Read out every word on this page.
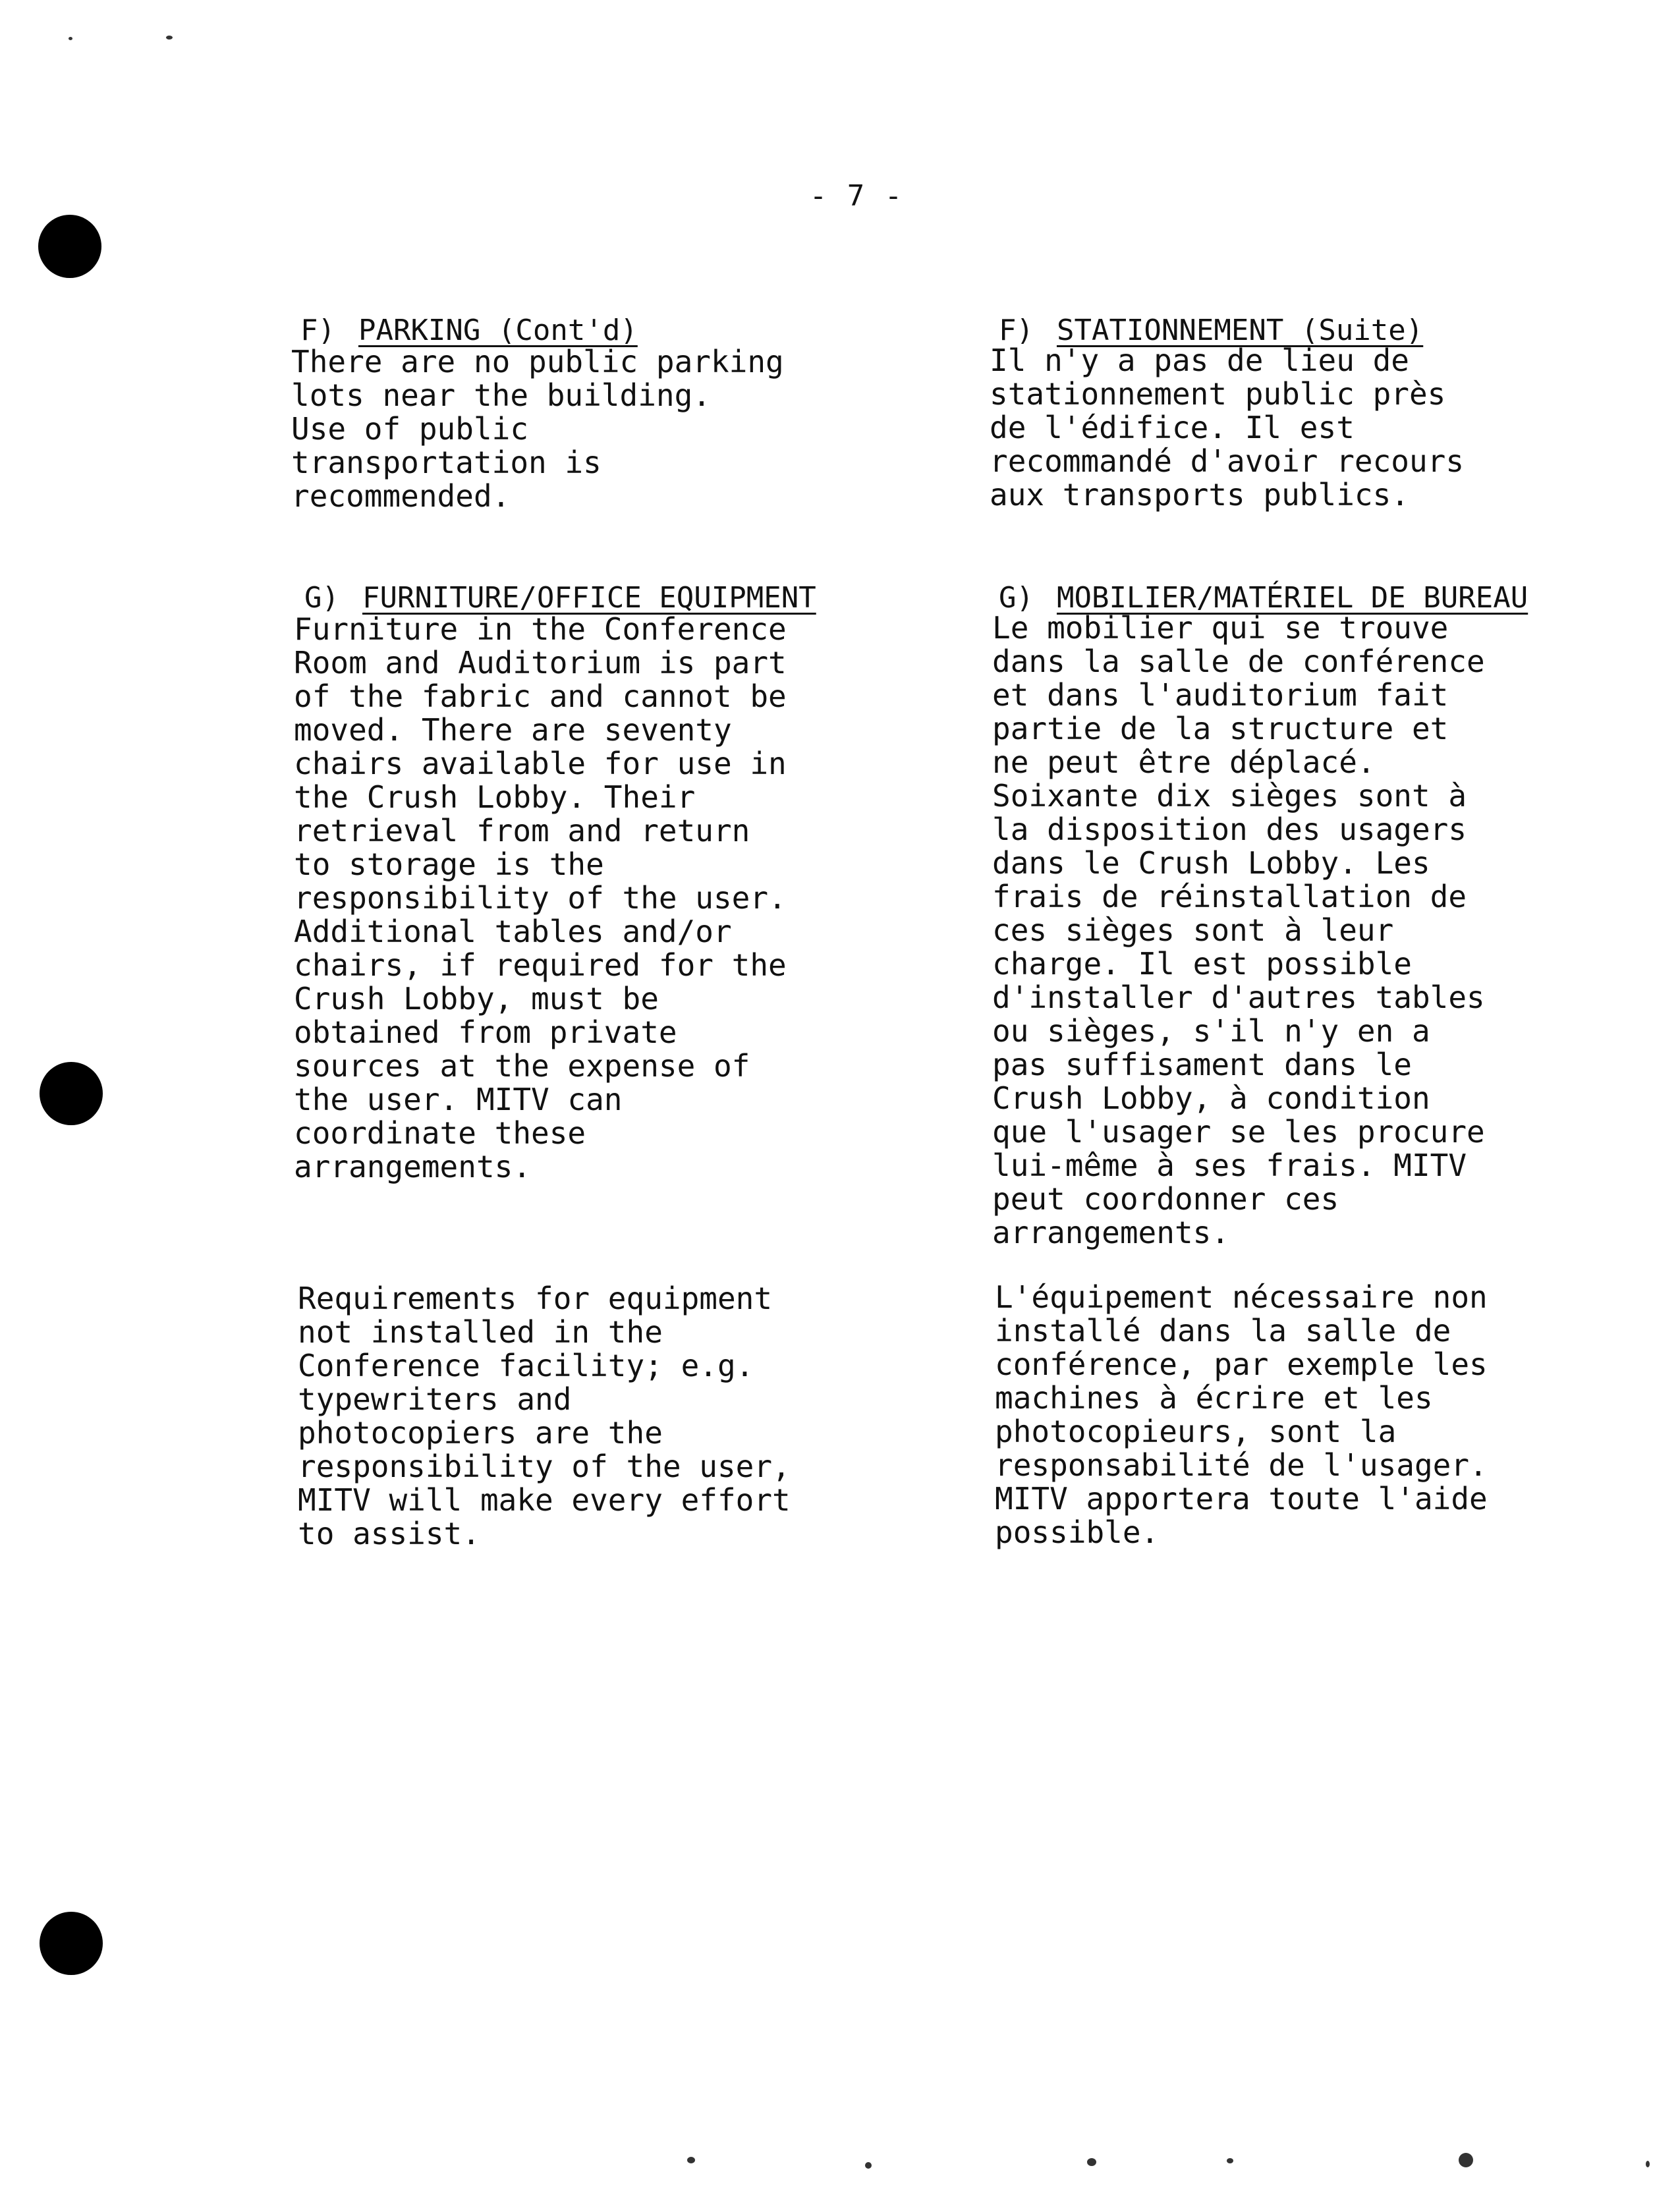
- 7 -

F) PARKING (Cont'd)

There are no public parking
lots near the building.
Use of public
transportation is
recommended.

F) STATIONNEMENT (Suite)

Il n'y a pas de lieu de
stationnement public près
de l'édifice. Il est
recommandé d'avoir recours
aux transports publics.

G) FURNITURE/OFFICE EQUIPMENT

Furniture in the Conference
Room and Auditorium is part
of the fabric and cannot be
moved. There are seventy
chairs available for use in
the Crush Lobby. Their
retrieval from and return
to storage is the
responsibility of the user.
Additional tables and/or
chairs, if required for the
Crush Lobby, must be
obtained from private
sources at the expense of
the user. MITV can
coordinate these
arrangements.
Requirements for equipment
not installed in the
Conference facility; e.g.
typewriters and
photocopiers are the
responsibility of the user,
MITV will make every effort
to assist.

G) MOBILIER/MATÉRIEL DE BUREAU

Le mobilier qui se trouve
dans la salle de conférence
et dans l'auditorium fait
partie de la structure et
ne peut être déplacé.
Soixante dix sièges sont à
la disposition des usagers
dans le Crush Lobby. Les
frais de réinstallation de
ces sièges sont à leur
charge. Il est possible
d'installer d'autres tables
ou sièges, s'il n'y en a
pas suffisament dans le
Crush Lobby, à condition
que l'usager se les procure
lui-même à ses frais. MITV
peut coordonner ces
arrangements.
L'équipement nécessaire non
installé dans la salle de
conférence, par exemple les
machines à écrire et les
photocopieurs, sont la
responsabilité de l'usager.
MITV apportera toute l'aide
possible.
